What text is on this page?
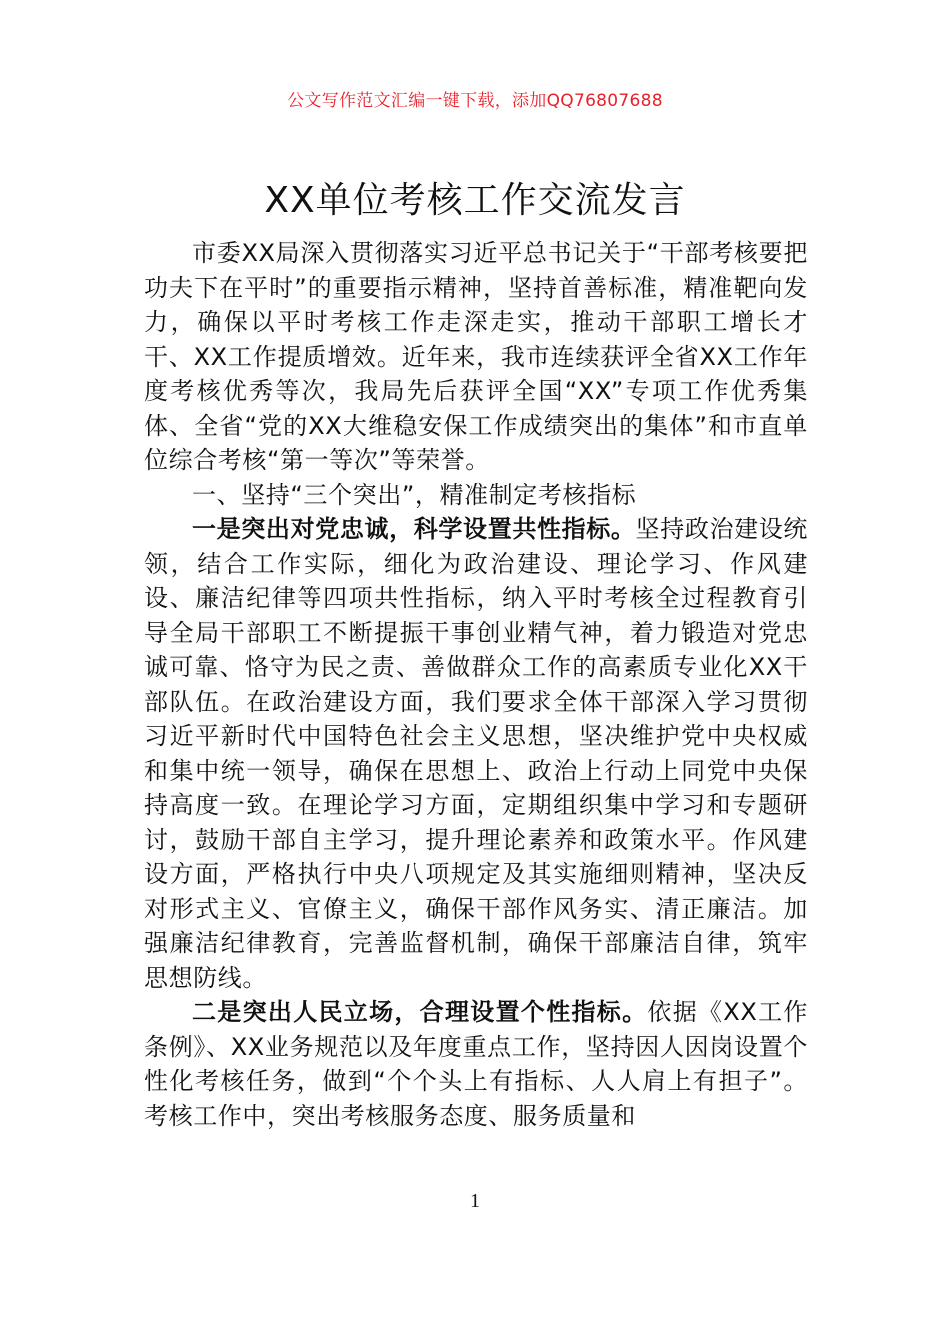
公文写作范文汇编一键下载，添加QQ76807688
XX单位考核工作交流发言

市委XX局深入贯彻落实习近平总书记关于“干部考核要把功夫下在平时”的重要指示精神，坚持首善标准，精准靶向发力，确保以平时考核工作走深走实，推动干部职工增长才干、XX工作提质增效。近年来，我市连续获评全省XX工作年度考核优秀等次，我局先后获评全国“XX”专项工作优秀集体、全省“党的XX大维稳安保工作成绩突出的集体”和市直单位综合考核“第一等次”等荣誉。

一、坚持“三个突出”，精准制定考核指标

一是突出对党忠诚，科学设置共性指标。坚持政治建设统领，结合工作实际，细化为政治建设、理论学习、作风建设、廉洁纪律等四项共性指标，纳入平时考核全过程教育引导全局干部职工不断提振干事创业精气神，着力锻造对党忠诚可靠、恪守为民之责、善做群众工作的高素质专业化XX干部队伍。在政治建设方面，我们要求全体干部深入学习贯彻习近平新时代中国特色社会主义思想，坚决维护党中央权威和集中统一领导，确保在思想上、政治上行动上同党中央保持高度一致。在理论学习方面，定期组织集中学习和专题研讨，鼓励干部自主学习，提升理论素养和政策水平。作风建设方面，严格执行中央八项规定及其实施细则精神，坚决反对形式主义、官僚主义，确保干部作风务实、清正廉洁。加强廉洁纪律教育，完善监督机制，确保干部廉洁自律，筑牢思想防线。

二是突出人民立场，合理设置个性指标。依据《XX工作条例》、XX业务规范以及年度重点工作，坚持因人因岗设置个性化考核任务，做到“个个头上有指标、人人肩上有担子”。考核工作中，突出考核服务态度、服务质量和

1
